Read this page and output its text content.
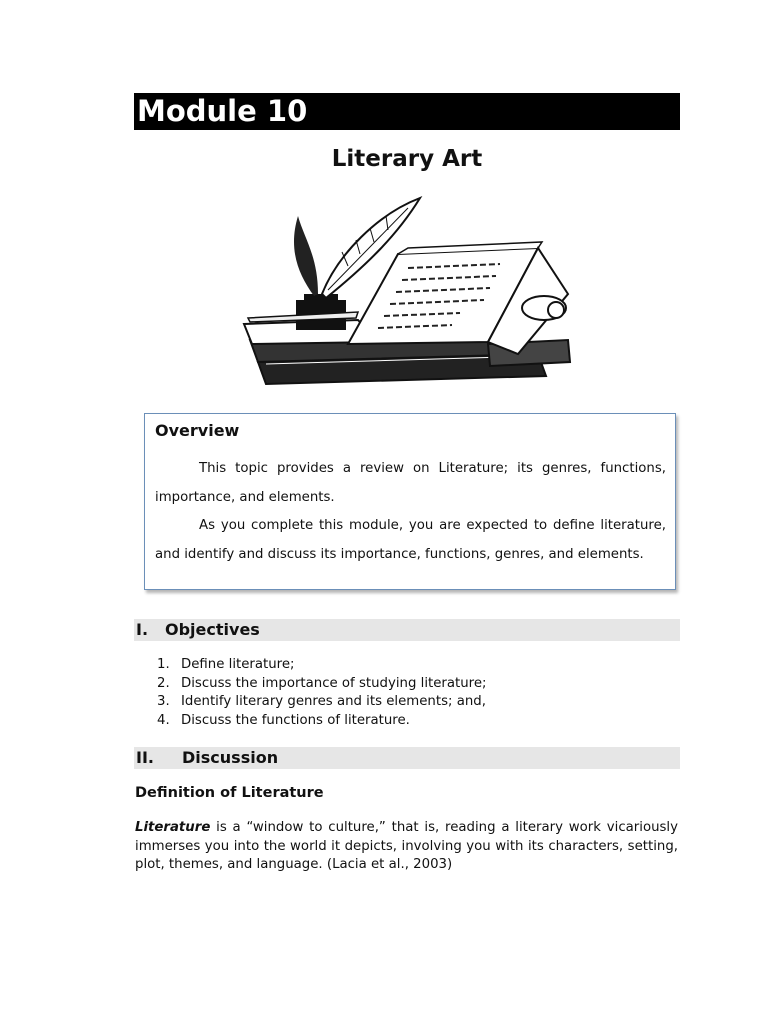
Module 10
Literary Art
Overview

This topic provides a review on Literature; its genres, functions, importance, and elements.

As you complete this module, you are expected to define literature, and identify and discuss its importance, functions, genres, and elements.

I. Objectives
1. Define literature;
2. Discuss the importance of studying literature;
3. Identify literary genres and its elements; and,
4. Discuss the functions of literature.
II. Discussion
Definition of Literature

Literature is a “window to culture,” that is, reading a literary work vicariously immerses you into the world it depicts, involving you with its characters, setting, plot, themes, and language. (Lacia et al., 2003)
